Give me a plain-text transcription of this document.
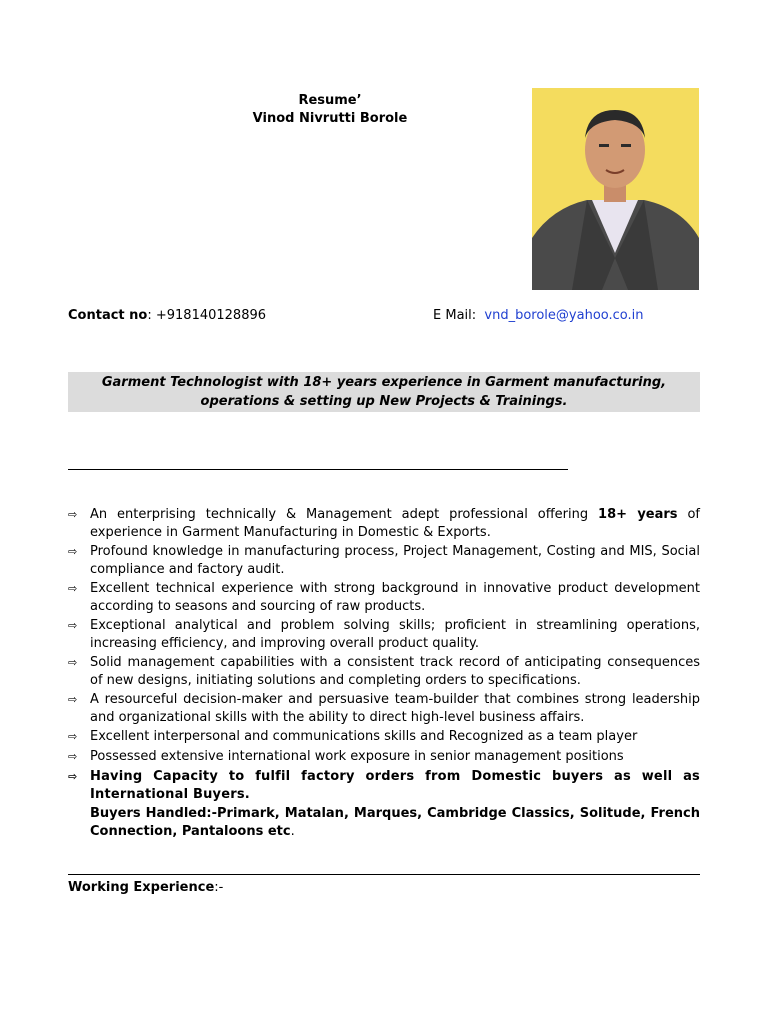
Resume’
Vinod Nivrutti Borole
Contact no: +918140128896	E Mail: vnd_borole@yahoo.co.in
Garment Technologist with 18+ years experience in Garment manufacturing,
operations & setting up New Projects & Trainings.
⇨ An enterprising technically & Management adept professional offering 18+ years of experience in Garment Manufacturing in Domestic & Exports.
⇨ Profound knowledge in manufacturing process, Project Management, Costing and MIS, Social compliance and factory audit.
⇨ Excellent technical experience with strong background in innovative product development according to seasons and sourcing of raw products.
⇨ Exceptional analytical and problem solving skills; proficient in streamlining operations, increasing efficiency, and improving overall product quality.
⇨ Solid management capabilities with a consistent track record of anticipating consequences of new designs, initiating solutions and completing orders to specifications.
⇨ A resourceful decision-maker and persuasive team-builder that combines strong leadership and organizational skills with the ability to direct high-level business affairs.
⇨ Excellent interpersonal and communications skills and Recognized as a team player
⇨ Possessed extensive international work exposure in senior management positions
⇨ Having Capacity to fulfil factory orders from Domestic buyers as well as International Buyers.
Buyers Handled:-Primark, Matalan, Marques, Cambridge Classics, Solitude, French Connection, Pantaloons etc.
Working Experience:-
